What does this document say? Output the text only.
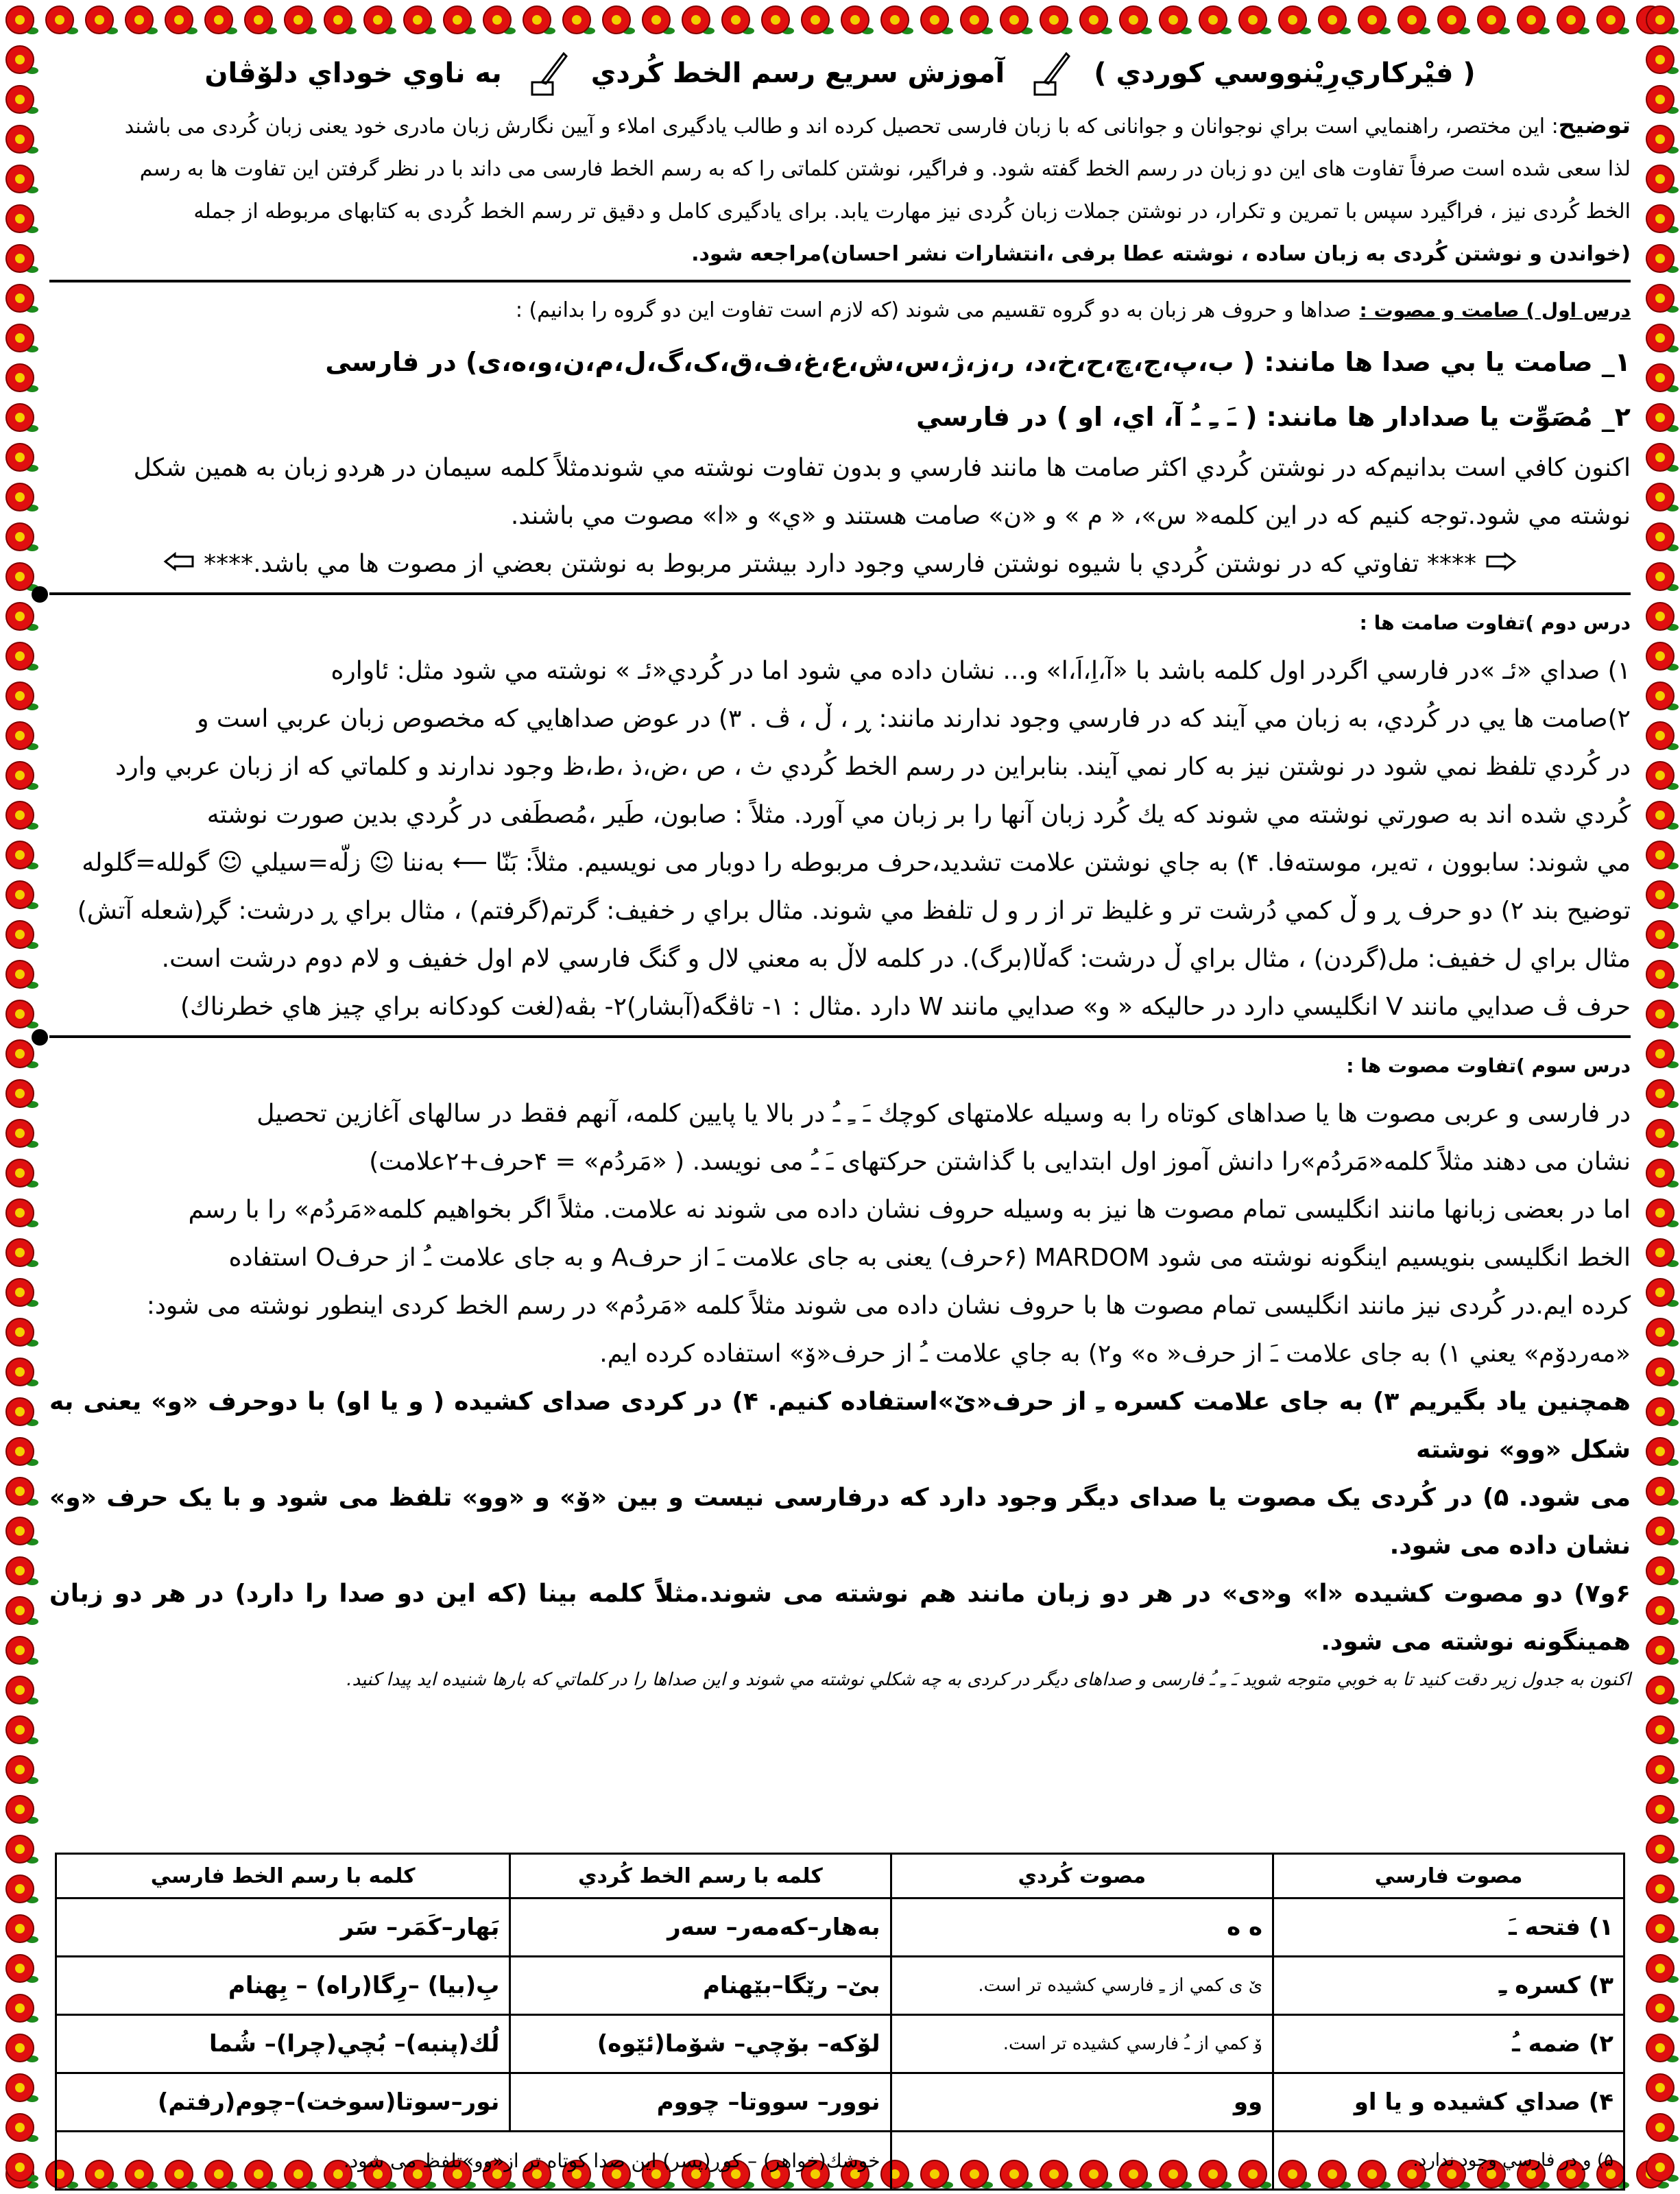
( فيْركاري‌رِيْنووسي كوردي )
آموزش سريع رسم الخط كُردي
به ناوي خوداي دلۆڤان
توضيح: اين مختصر، راهنمايي است براي نوجوانان و جوانانی كه با زبان فارسی تحصيل كرده اند و طالب يادگيری املاء و آيين نگارش زبان مادری خود يعنی زبان كُردی می باشند
لذا سعی شده است صرفاً تفاوت های اين دو زبان در رسم الخط گفته شود. و فراگير، نوشتن كلماتی را كه به رسم الخط فارسی می داند با در نظر گرفتن اين تفاوت ها به رسم
الخط كُردی نيز ، فراگيرد سپس با تمرين و تكرار، در نوشتن جملات زبان كُردی نيز مهارت يابد. برای يادگيری كامل و دقيق تر رسم الخط كُردی به كتابهای مربوطه از جمله
(خواندن و نوشتن كُردی به زبان ساده ، نوشته عطا برفی ،انتشارات نشر احسان)مراجعه شود.
درس اول ) صامت و مصوت :
صداها و حروف هر زبان به دو گروه تقسيم می شوند (كه لازم است تفاوت اين دو گروه را بدانيم) :
۱_ صامت يا بي صدا ها مانند: ( ب،پ،ج،چ،ح،خ،د، ر،ز،ژ،س،ش،ع،غ،ف،ق،ک،گ،ل،م،ن،و،ه،ی) در فارسی
۲_ مُصَوِّت يا صدادار ها مانند: ( ـَ ـِ ـُ آ، اي، او ) در فارسي
اكنون كافي است بدانيم‌كه در نوشتن كُردي اكثر صامت ها مانند فارسي و بدون تفاوت نوشته مي شوند‌مثلاً كلمه سيمان در هردو زبان به همين شكل
نوشته مي شود.توجه كنيم كه در اين كلمه« س»، « م » و «ن» صامت هستند و «ي» و «ا» مصوت مي باشند.
**** تفاوتي كه در نوشتن كُردي با شيوه نوشتن فارسي وجود دارد بيشتر مربوط به نوشتن بعضي از مصوت ها مي باشد.****
درس دوم )تفاوت صامت ها :
۱) صداي «ئـ »در فارسي اگردر اول كلمه باشد با «آ،اِ،اَ،ا» و... نشان داده مي شود اما در كُردي«ئـ » نوشته مي شود مثل: ئاواره
۲)صامت ها يي در كُردي، به زبان مي آيند كه در فارسي وجود ندارند مانند: ڕ ، ڵ ، ڤ . ۳) در عوض صداهايي كه مخصوص زبان عربي است و
در كُردي تلفظ نمي شود در نوشتن نيز به كار نمي آيند. بنابراين در رسم الخط كُردي ث ، ص ،ض،ذ ،ط،ظ وجود ندارند و كلماتي كه از زبان عربي وارد
كُردي شده اند به صورتي نوشته مي شوند كه يك كُرد زبان آنها را بر زبان مي آورد. مثلاً : صابون، طَير ،مُصطَفی در كُردي بدين صورت نوشته
مي شوند: سابوون ، تەير، موستەفا. ۴) به جاي نوشتن علامت تشديد،حرف مربوطه را دوبار می نويسيم. مثلاً: بَنّا ⟵ بەننا ☺ زلّه=سيلي ☺ گولله=گلوله
توضيح بند ۲) دو حرف ڕ و ڵ كمي دُرشت تر و غليظ تر از ر و ل تلفظ مي شوند. مثال براي ر خفيف: گرتم(گرفتم) ، مثال براي ڕ درشت: گڕ(شعله آتش)
مثال براي ل خفيف: مل(گردن) ، مثال براي ڵ درشت: گەڵا(برگ). در كلمه لاڵ به معني لال و گنگ فارسي لام اول خفيف و لام دوم درشت است.
حرف ڤ صدايي مانند V انگليسي دارد در حاليكه « و» صدايي مانند W دارد .مثال : ۱- تاڤگه(آبشار)۲- بڤه(لغت كودكانه براي چيز هاي خطرناك)
درس سوم )تفاوت مصوت ها :
در فارسی و عربی مصوت ها يا صداهای كوتاه را به وسيله علامتهای كوچك ـَ ـِ ـُ در بالا يا پايين كلمه، آنهم فقط در سالهای آغازين تحصيل
نشان می دهند مثلاً كلمه«مَردُم»را دانش آموز اول ابتدايی با گذاشتن حركتهای ـَ ـُ می نويسد. ( «مَردُم» = ۴حرف+۲علامت)
اما در بعضی زبانها مانند انگليسی تمام مصوت ها نيز به وسيله حروف نشان داده می شوند نه علامت. مثلاً اگر بخواهيم كلمه«مَردُم» را با رسم
الخط انگليسی بنويسيم اينگونه نوشته می شود MARDOM (۶حرف) يعنی به جای علامت ـَ از حرفA و به جای علامت ـُ از حرفO استفاده
كرده ايم.در كُردی نيز مانند انگليسی تمام مصوت ها با حروف نشان داده می شوند مثلاً كلمه «مَردُم» در رسم الخط كردی اينطور نوشته می شود:
«مەردۆم» يعني ۱) به جای علامت ـَ از حرف« ە» و۲) به جاي علامت ـُ از حرف«ۆ» استفاده كرده ايم.
همچنين ياد بگيريم ۳) به جای علامت كسره ـِ از حرف«ێ»استفاده كنيم. ۴) در كردی صدای كشيده ( و يا او) با دوحرف «و» يعنی به شكل «وو» نوشته
می شود. ۵) در كُردی يک مصوت يا صدای ديگر وجود دارد كه درفارسی نيست و بين «ۆ» و «وو» تلفظ می شود و با يک حرف «و» نشان داده می شود.
۶و۷) دو مصوت كشيده «ا» و«ی» در هر دو زبان مانند هم نوشته می شوند.مثلاً كلمه بينا (كه اين دو صدا را دارد) در هر دو زبان همينگونه نوشته می شود.
اكنون به جدول زير دقت كنيد تا به خوبي متوجه شويد ـَ ـِ ـُ فارسی و صداهای ديگر در كردی به چه شكلي نوشته مي شوند و اين صداها را در كلماتي كه بارها شنيده ايد پيدا كنيد.
مصوت فارسي	مصوت كُردي	كلمه با رسم الخط كُردي	كلمه با رسم الخط فارسي
۱) فتحه ـَ	ە ه	بەهار–كەمەر– سەر	بَهار–كَمَر– سَر
۳) كسره ـِ	ێ ی كمي از ـِ فارسي كشيده تر است.	بێ– رێگا–بێهنام	بِ(بيا) –رِگا(راه) – بِهنام
۲) ضمه ـُ	ۆ كمي از ـُ فارسي كشيده تر است.	لۆكە– بۆچي– شۆما(ئێوه)	لُك(پنبه)– بُچي(چرا)– شُما
۴) صداي كشيده و يا او	وو	نوور– سووتا– چووم	نور–سوتا(سوخت)–چوم(رفتم)
۵) و در فارسي وجود ندارد.		خوشك(خواهر) – كوڕ(پسر) اين صدا كوتاه تر از«وو»تلفظ می شود.	
